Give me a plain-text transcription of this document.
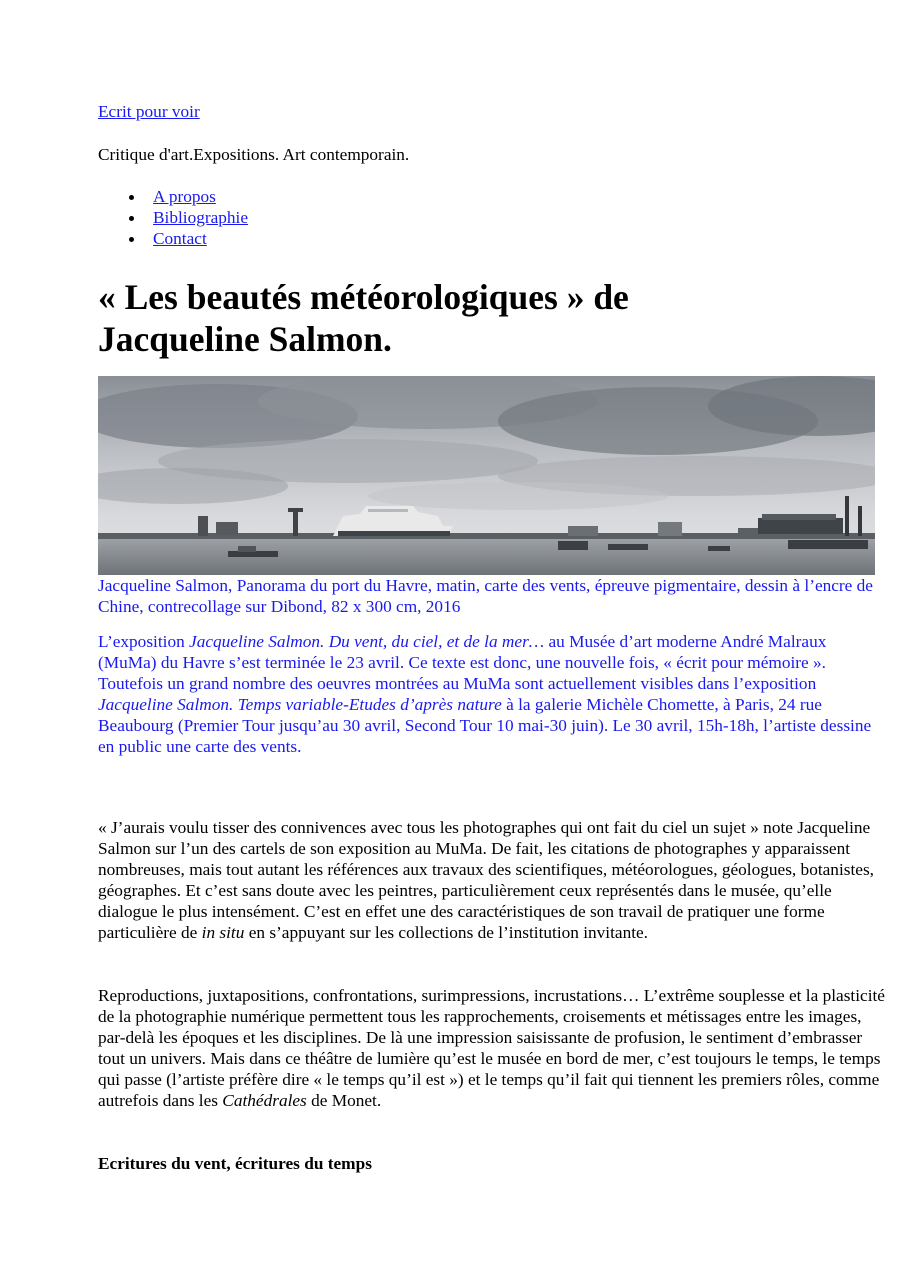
Ecrit pour voir
Critique d'art.Expositions. Art contemporain.
A propos
Bibliographie
Contact
« Les beautés météorologiques » de Jacqueline Salmon.
Jacqueline Salmon, Panorama du port du Havre, matin, carte des vents, épreuve pigmentaire, dessin à l’encre de Chine, contrecollage sur Dibond, 82 x 300 cm, 2016

L’exposition Jacqueline Salmon. Du vent, du ciel, et de la mer… au Musée d’art moderne André Malraux (MuMa) du Havre s’est terminée le 23 avril. Ce texte est donc, une nouvelle fois, « écrit pour mémoire ». Toutefois un grand nombre des oeuvres montrées au MuMa sont actuellement visibles dans l’exposition Jacqueline Salmon. Temps variable-Etudes d’après nature à la galerie Michèle Chomette, à Paris, 24 rue Beaubourg (Premier Tour jusqu’au 30 avril, Second Tour 10 mai-30 juin). Le 30 avril, 15h-18h, l’artiste dessine en public une carte des vents.

« J’aurais voulu tisser des connivences avec tous les photographes qui ont fait du ciel un sujet » note Jacqueline Salmon sur l’un des cartels de son exposition au MuMa. De fait, les citations de photographes y apparaissent nombreuses, mais tout autant les références aux travaux des scientifiques, météorologues, géologues, botanistes, géographes. Et c’est sans doute avec les peintres, particulièrement ceux représentés dans le musée, qu’elle dialogue le plus intensément. C’est en effet une des caractéristiques de son travail de pratiquer une forme particulière de in situ en s’appuyant sur les collections de l’institution invitante.

Reproductions, juxtapositions, confrontations, surimpressions, incrustations… L’extrême souplesse et la plasticité de la photographie numérique permettent tous les rapprochements, croisements et métissages entre les images, par-delà les époques et les disciplines. De là une impression saisissante de profusion, le sentiment d’embrasser tout un univers. Mais dans ce théâtre de lumière qu’est le musée en bord de mer, c’est toujours le temps, le temps qui passe (l’artiste préfère dire « le temps qu’il est ») et le temps qu’il fait qui tiennent les premiers rôles, comme autrefois dans les Cathédrales de Monet.

Ecritures du vent, écritures du temps
